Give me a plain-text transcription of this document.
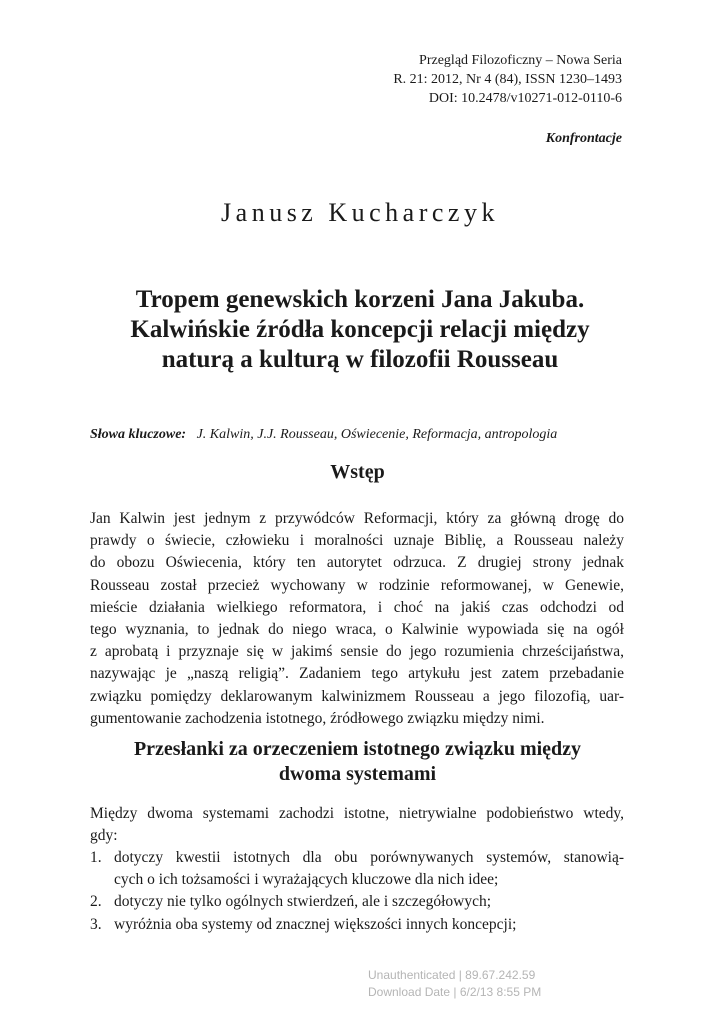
Przegląd Filozoficzny – Nowa Seria
R. 21: 2012, Nr 4 (84), ISSN 1230–1493
DOI: 10.2478/v10271-012-0110-6
Konfrontacje
Janusz Kucharczyk
Tropem genewskich korzeni Jana Jakuba.
Kalwińskie źródła koncepcji relacji między
naturą a kulturą w filozofii Rousseau
Słowa kluczowe: J. Kalwin, J.J. Rousseau, Oświecenie, Reformacja, antropologia
Wstęp
Jan Kalwin jest jednym z przywódców Reformacji, który za główną drogę do
prawdy o świecie, człowieku i moralności uznaje Biblię, a Rousseau należy
do obozu Oświecenia, który ten autorytet odrzuca. Z drugiej strony jednak
Rousseau został przecież wychowany w rodzinie reformowanej, w Genewie,
mieście działania wielkiego reformatora, i choć na jakiś czas odchodzi od
tego wyznania, to jednak do niego wraca, o Kalwinie wypowiada się na ogół
z aprobatą i przyznaje się w jakimś sensie do jego rozumienia chrześcijaństwa,
nazywając je „naszą religią”. Zadaniem tego artykułu jest zatem przebadanie
związku pomiędzy deklarowanym kalwinizmem Rousseau a jego filozofią, uar-
gumentowanie zachodzenia istotnego, źródłowego związku między nimi.
Przesłanki za orzeczeniem istotnego związku między
dwoma systemami
Między dwoma systemami zachodzi istotne, nietrywialne podobieństwo wtedy,
gdy:
1. dotyczy kwestii istotnych dla obu porównywanych systemów, stanowią-
cych o ich tożsamości i wyrażających kluczowe dla nich idee;
2. dotyczy nie tylko ogólnych stwierdzeń, ale i szczegółowych;
3. wyróżnia oba systemy od znacznej większości innych koncepcji;
Unauthenticated | 89.67.242.59
Download Date | 6/2/13 8:55 PM
